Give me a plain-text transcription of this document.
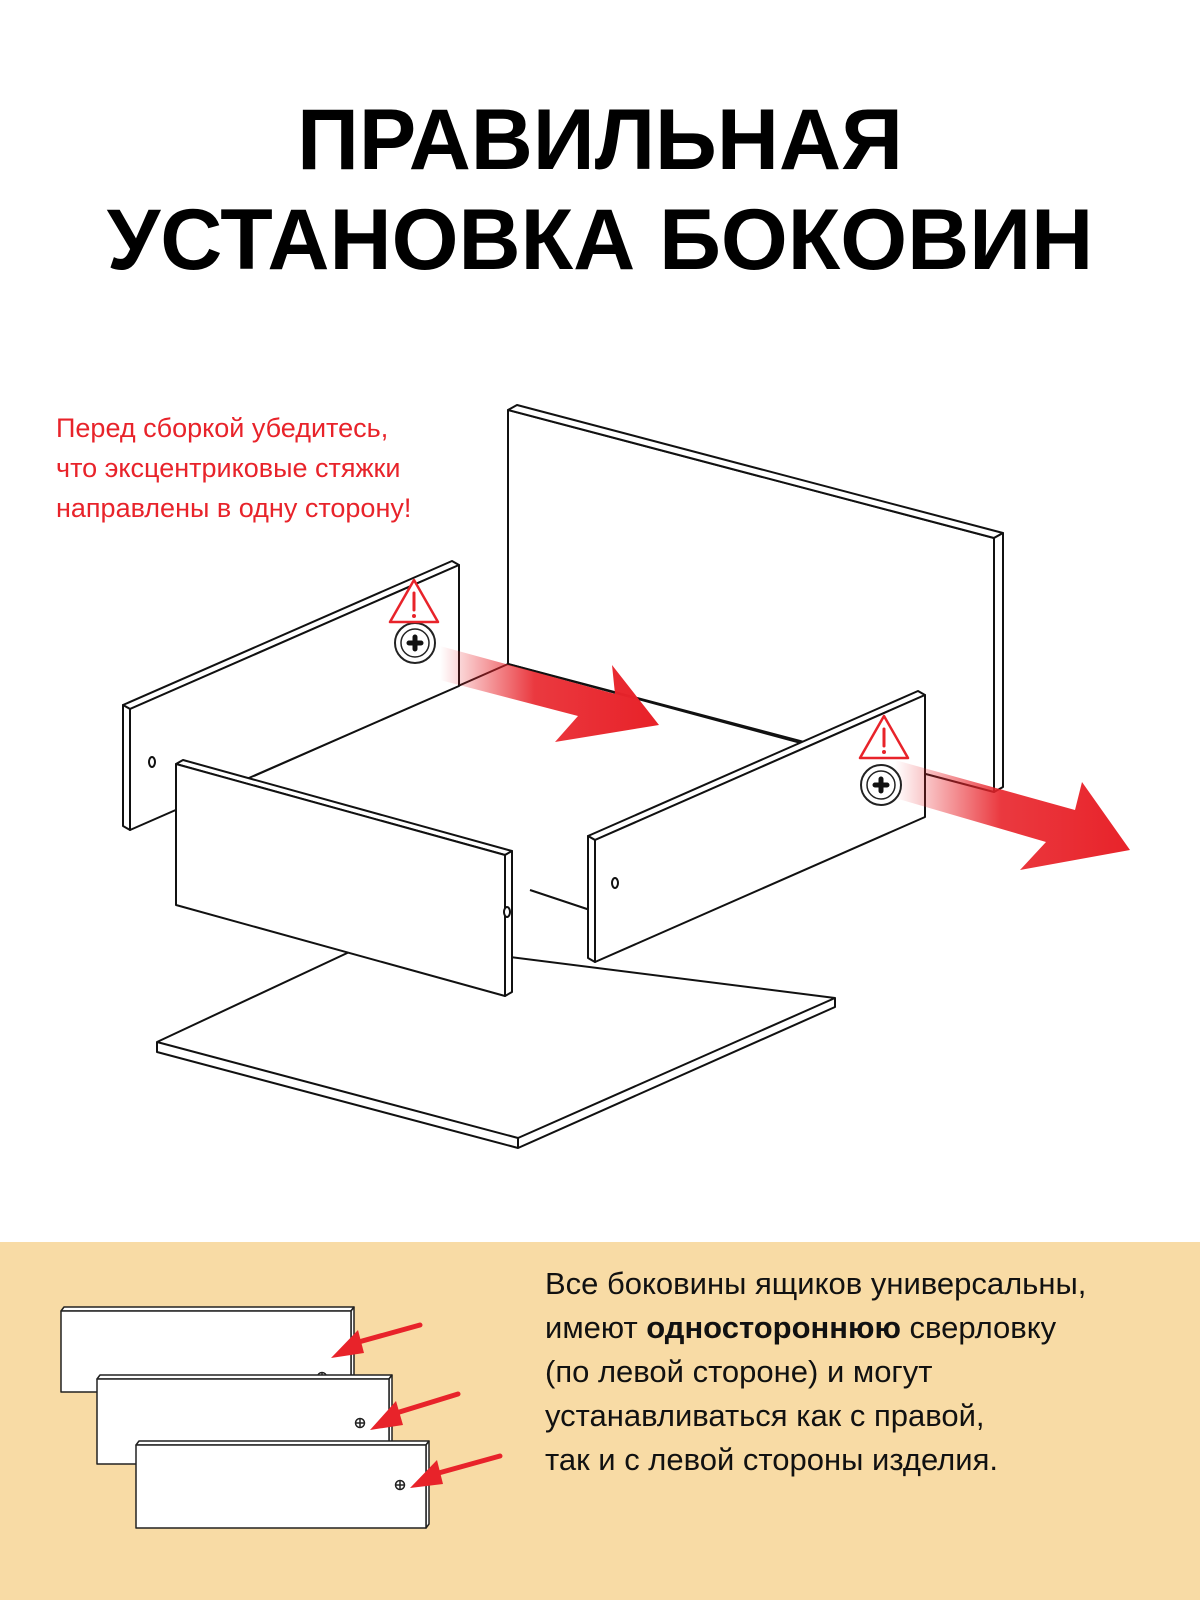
ПРАВИЛЬНАЯ
УСТАНОВКА БОКОВИН

Перед сборкой убедитесь,
что эксцентриковые стяжки
направлены в одну сторону!

Все боковины ящиков универсальны,
имеют одностороннюю сверловку
(по левой стороне) и могут
устанавливаться как с правой,
так и с левой стороны изделия.
